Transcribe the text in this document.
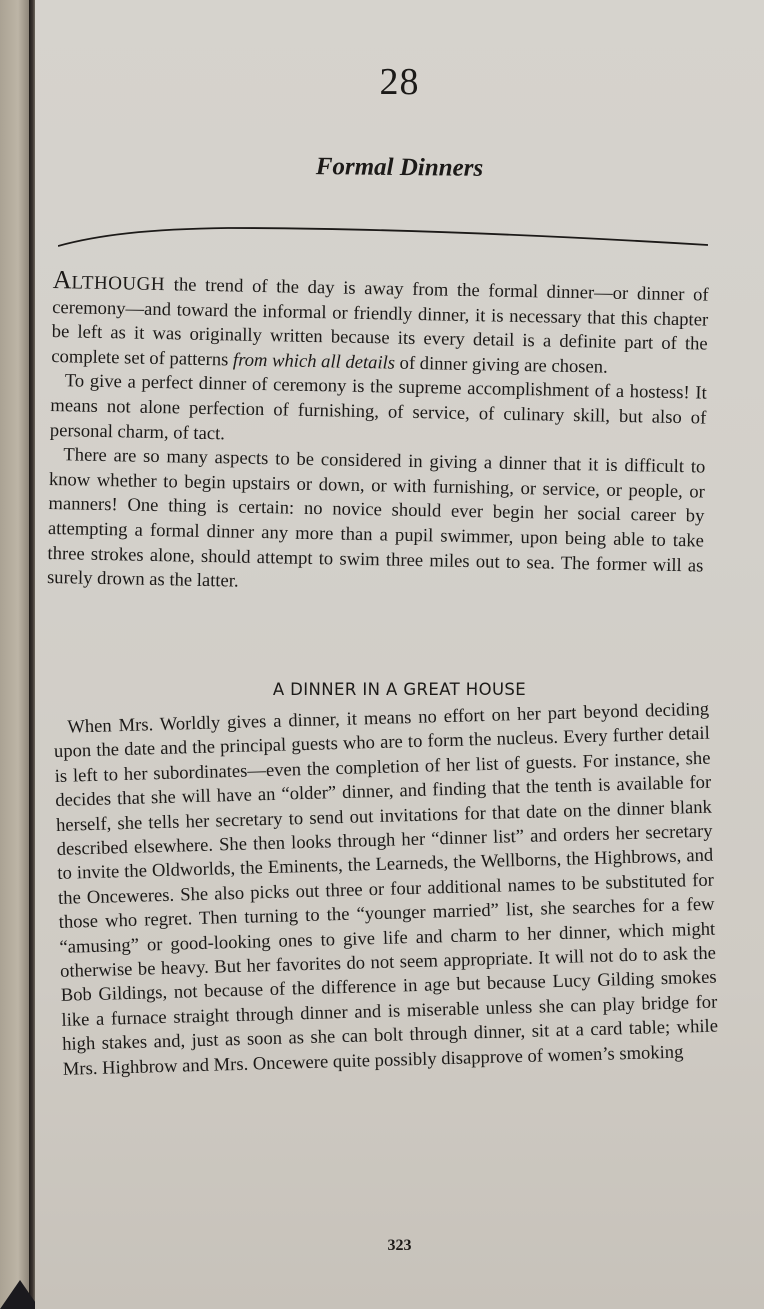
28
Formal Dinners

ALTHOUGH the trend of the day is away from the formal dinner—or dinner of ceremony—and toward the informal or friendly dinner, it is necessary that this chapter be left as it was originally written because its every detail is a definite part of the complete set of patterns from which all details of dinner giving are chosen.

To give a perfect dinner of ceremony is the supreme accomplishment of a hostess! It means not alone perfection of furnishing, of service, of culinary skill, but also of personal charm, of tact.

There are so many aspects to be considered in giving a dinner that it is difficult to know whether to begin upstairs or down, or with furnishing, or service, or people, or manners! One thing is certain: no novice should ever begin her social career by attempting a formal dinner any more than a pupil swimmer, upon being able to take three strokes alone, should attempt to swim three miles out to sea. The former will as surely drown as the latter.

A DINNER IN A GREAT HOUSE

When Mrs. Worldly gives a dinner, it means no effort on her part beyond deciding upon the date and the principal guests who are to form the nucleus. Every further detail is left to her subordinates—even the completion of her list of guests. For instance, she decides that she will have an “older” dinner, and finding that the tenth is available for herself, she tells her secretary to send out invitations for that date on the dinner blank described elsewhere. She then looks through her “dinner list” and orders her secretary to invite the Oldworlds, the Eminents, the Learneds, the Wellborns, the Highbrows, and the Onceweres. She also picks out three or four additional names to be substituted for those who regret. Then turning to the “younger married” list, she searches for a few “amusing” or good-looking ones to give life and charm to her dinner, which might otherwise be heavy. But her favorites do not seem appropriate. It will not do to ask the Bob Gildings, not because of the difference in age but because Lucy Gilding smokes like a furnace straight through dinner and is miserable unless she can play bridge for high stakes and, just as soon as she can bolt through dinner, sit at a card table; while Mrs. Highbrow and Mrs. Oncewere quite possibly disapprove of women’s smoking

323
